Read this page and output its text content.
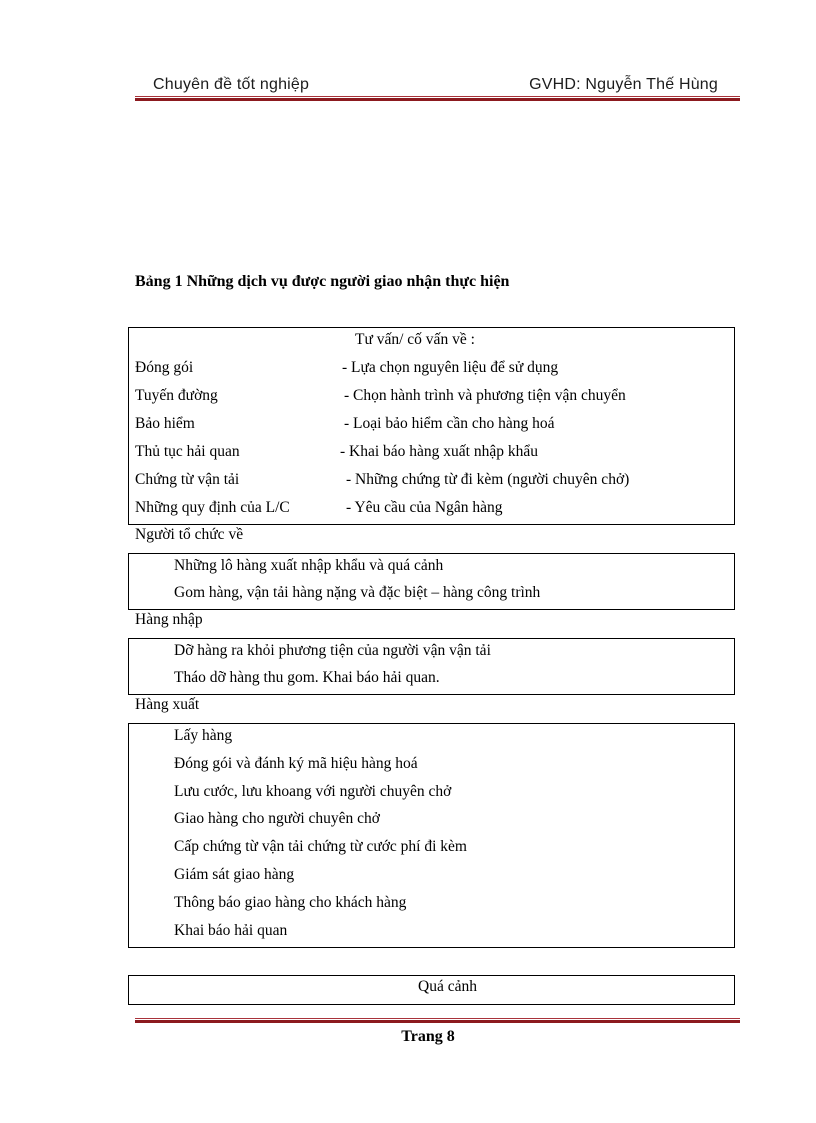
Chuyên đề tốt nghiệp	GVHD: Nguyễn Thế Hùng
Bảng 1 Những dịch vụ được người giao nhận thực hiện
Tư vấn/ cố vấn về :
Đóng gói	- Lựa chọn nguyên liệu để sử dụng
Tuyến đường	- Chọn hành trình và phương tiện vận chuyển
Bảo hiểm	- Loại bảo hiểm cần cho hàng hoá
Thủ tục hải quan	- Khai báo hàng xuất nhập khẩu
Chứng từ vận tải	- Những chứng từ đi kèm (người chuyên chở)
Những quy định của L/C	- Yêu cầu của Ngân hàng
Người tổ chức về
Những lô hàng xuất nhập khẩu và quá cảnh
Gom hàng, vận tải hàng nặng và đặc biệt – hàng công trình
Hàng nhập
Dỡ hàng ra khỏi phương tiện của người vận vận tải
Tháo dỡ hàng thu gom. Khai báo hải quan.
Hàng xuất
Lấy hàng
Đóng gói và đánh ký mã hiệu hàng hoá
Lưu cước, lưu khoang với người chuyên chở
Giao hàng cho người chuyên chở
Cấp chứng từ vận tải chứng từ cước phí đi kèm
Giám sát giao hàng
Thông báo giao hàng cho khách hàng
Khai báo hải quan
Quá cảnh
Trang 8
